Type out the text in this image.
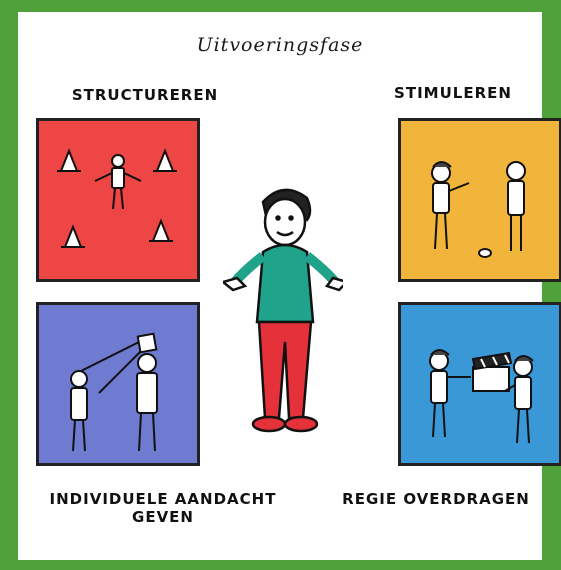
Uitvoeringsfase
STRUCTUREREN	STIMULEREN
INDIVIDUELE AANDACHT GEVEN
REGIE OVERDRAGEN
